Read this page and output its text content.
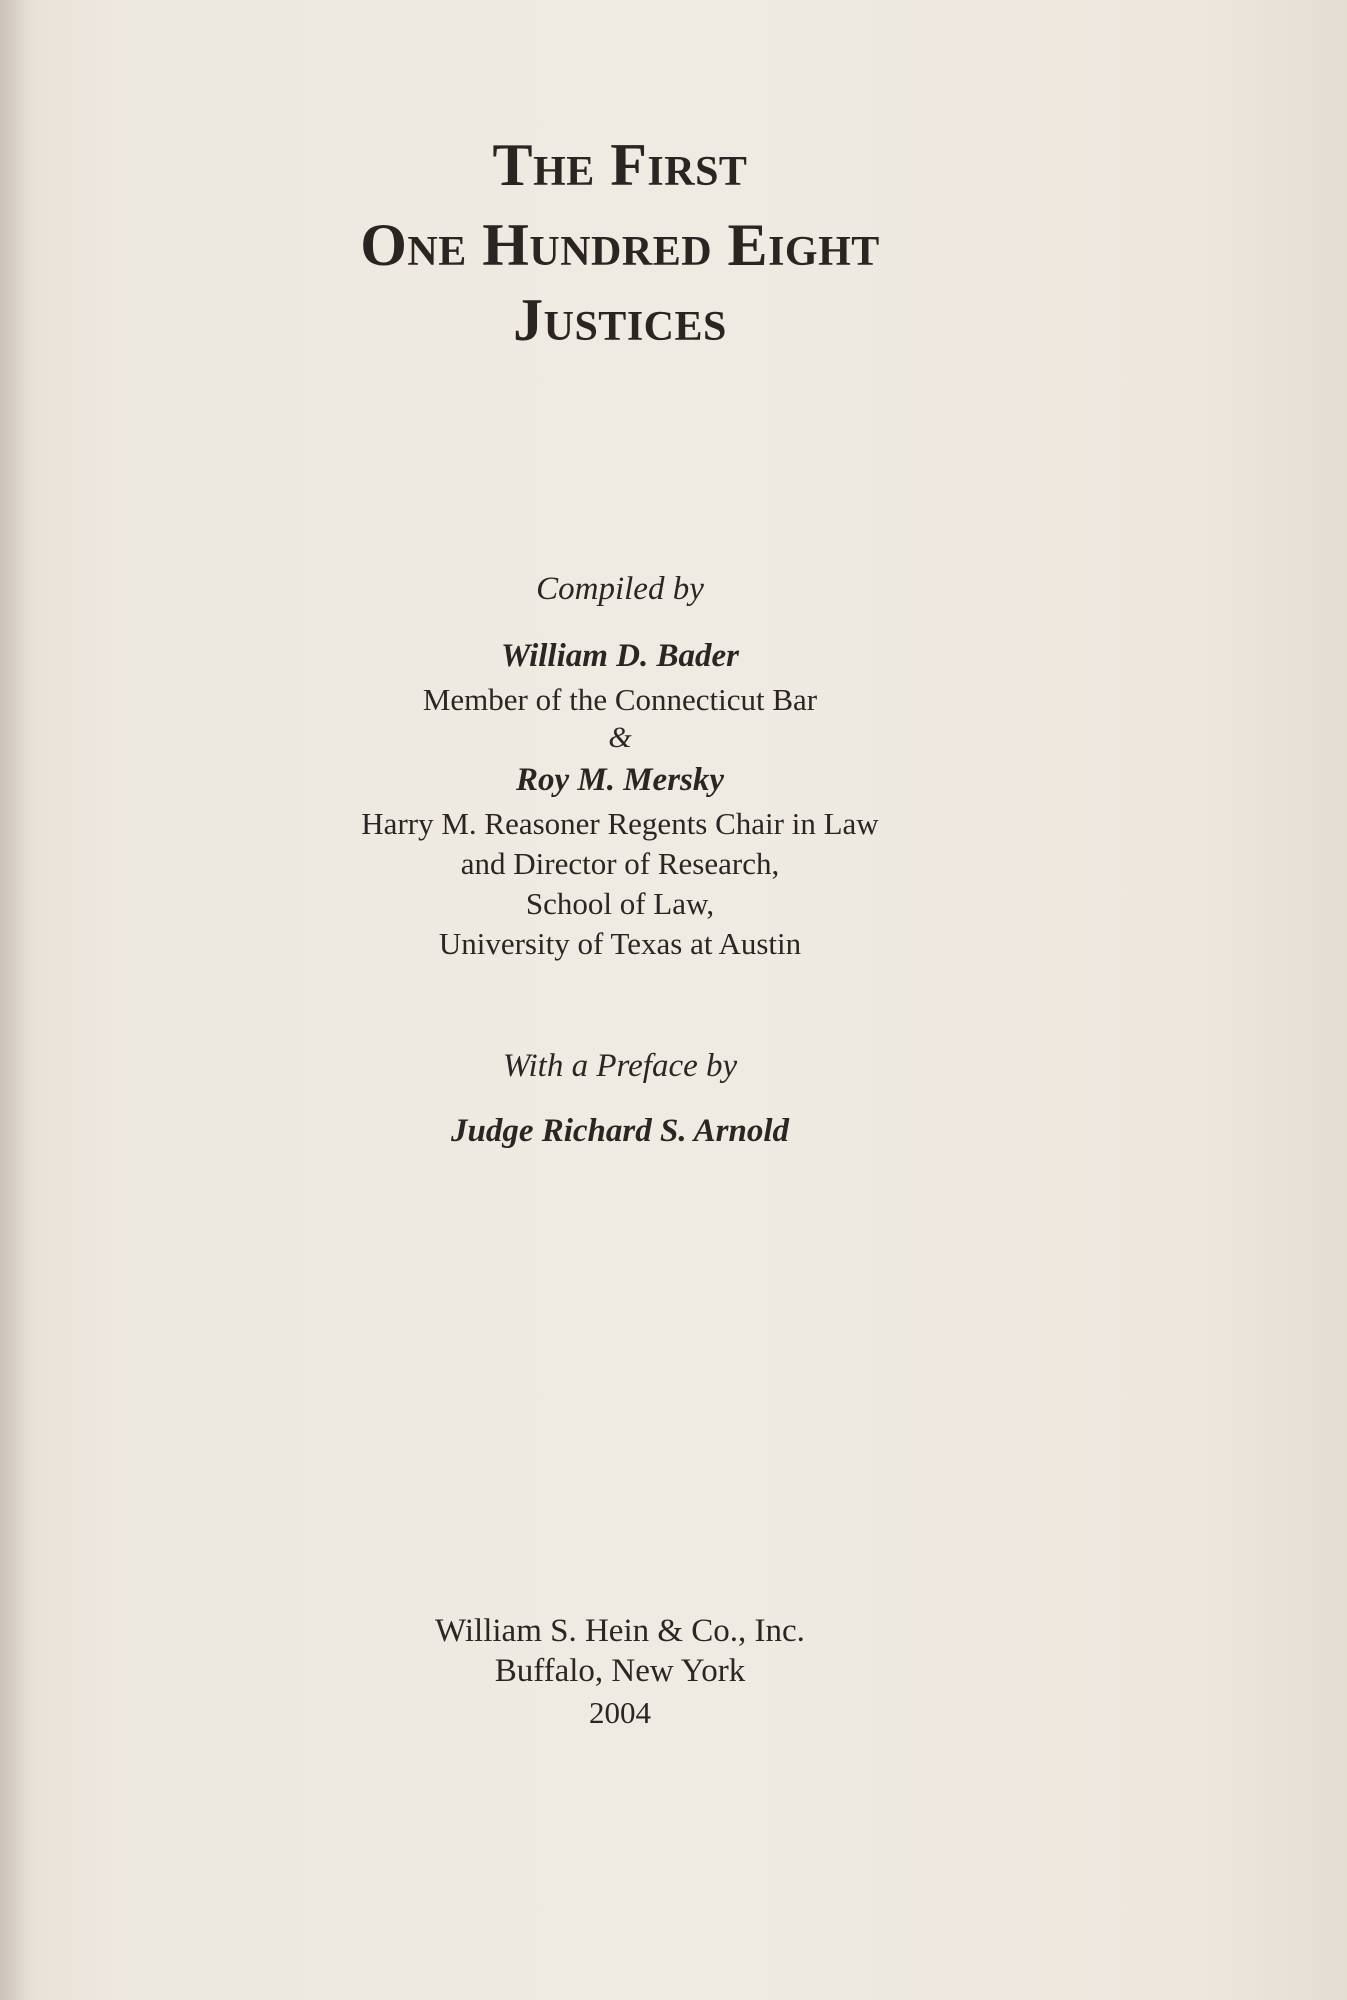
The First
One Hundred Eight
Justices
Compiled by
William D. Bader
Member of the Connecticut Bar
&
Roy M. Mersky
Harry M. Reasoner Regents Chair in Law
and Director of Research,
School of Law,
University of Texas at Austin
With a Preface by
Judge Richard S. Arnold
William S. Hein & Co., Inc.
Buffalo, New York
2004
